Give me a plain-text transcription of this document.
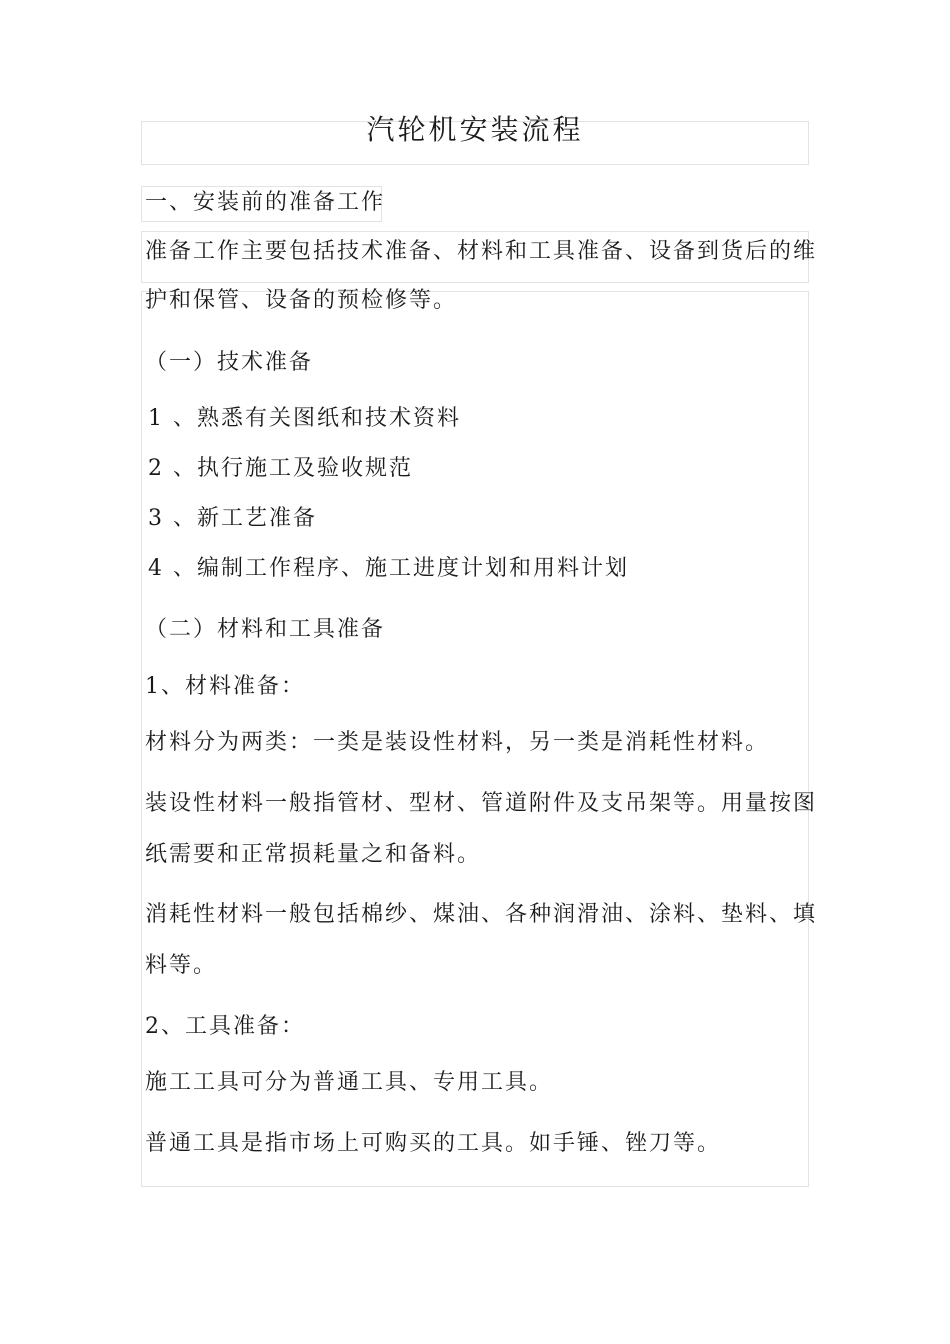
汽轮机安装流程
一、安装前的准备工作
准备工作主要包括技术准备、材料和工具准备、设备到货后的维
护和保管、设备的预检修等。
（一）技术准备
1 、熟悉有关图纸和技术资料
2 、执行施工及验收规范
3 、新工艺准备
4 、编制工作程序、施工进度计划和用料计划
（二）材料和工具准备
1、材料准备：
材料分为两类：一类是装设性材料，另一类是消耗性材料。
装设性材料一般指管材、型材、管道附件及支吊架等。用量按图
纸需要和正常损耗量之和备料。
消耗性材料一般包括棉纱、煤油、各种润滑油、涂料、垫料、填
料等。
2、工具准备：
施工工具可分为普通工具、专用工具。
普通工具是指市场上可购买的工具。如手锤、锉刀等。
